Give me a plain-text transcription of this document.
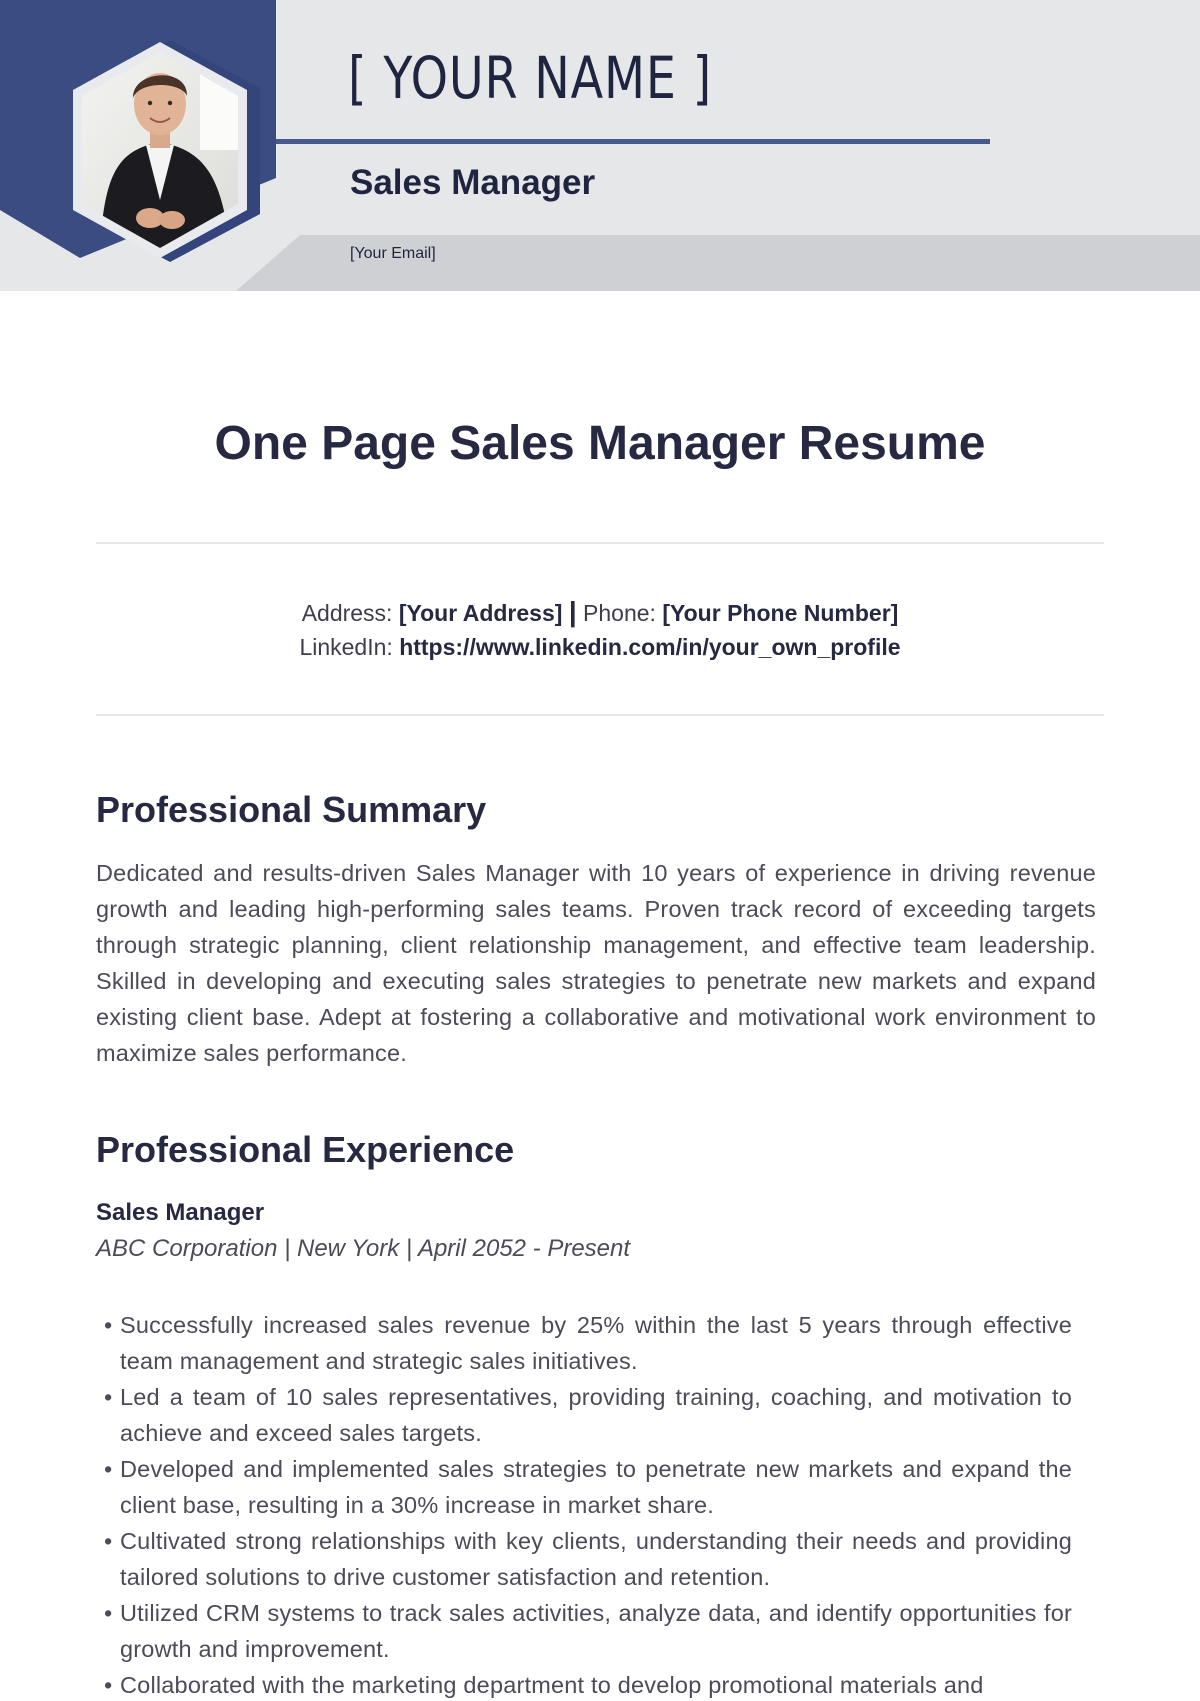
[ YOUR NAME ]
Sales Manager
[Your Email]
One Page Sales Manager Resume
Address: [Your Address] | Phone: [Your Phone Number]
LinkedIn: https://www.linkedin.com/in/your_own_profile
Professional Summary

Dedicated and results-driven Sales Manager with 10 years of experience in driving revenue growth and leading high-performing sales teams. Proven track record of exceeding targets through strategic planning, client relationship management, and effective team leadership. Skilled in developing and executing sales strategies to penetrate new markets and expand existing client base. Adept at fostering a collaborative and motivational work environment to maximize sales performance.

Professional Experience
Sales Manager
ABC Corporation | New York | April 2052 - Present
• Successfully increased sales revenue by 25% within the last 5 years through effective team management and strategic sales initiatives.
• Led a team of 10 sales representatives, providing training, coaching, and motivation to achieve and exceed sales targets.
• Developed and implemented sales strategies to penetrate new markets and expand the client base, resulting in a 30% increase in market share.
• Cultivated strong relationships with key clients, understanding their needs and providing tailored solutions to drive customer satisfaction and retention.
• Utilized CRM systems to track sales activities, analyze data, and identify opportunities for growth and improvement.
• Collaborated with the marketing department to develop promotional materials and
